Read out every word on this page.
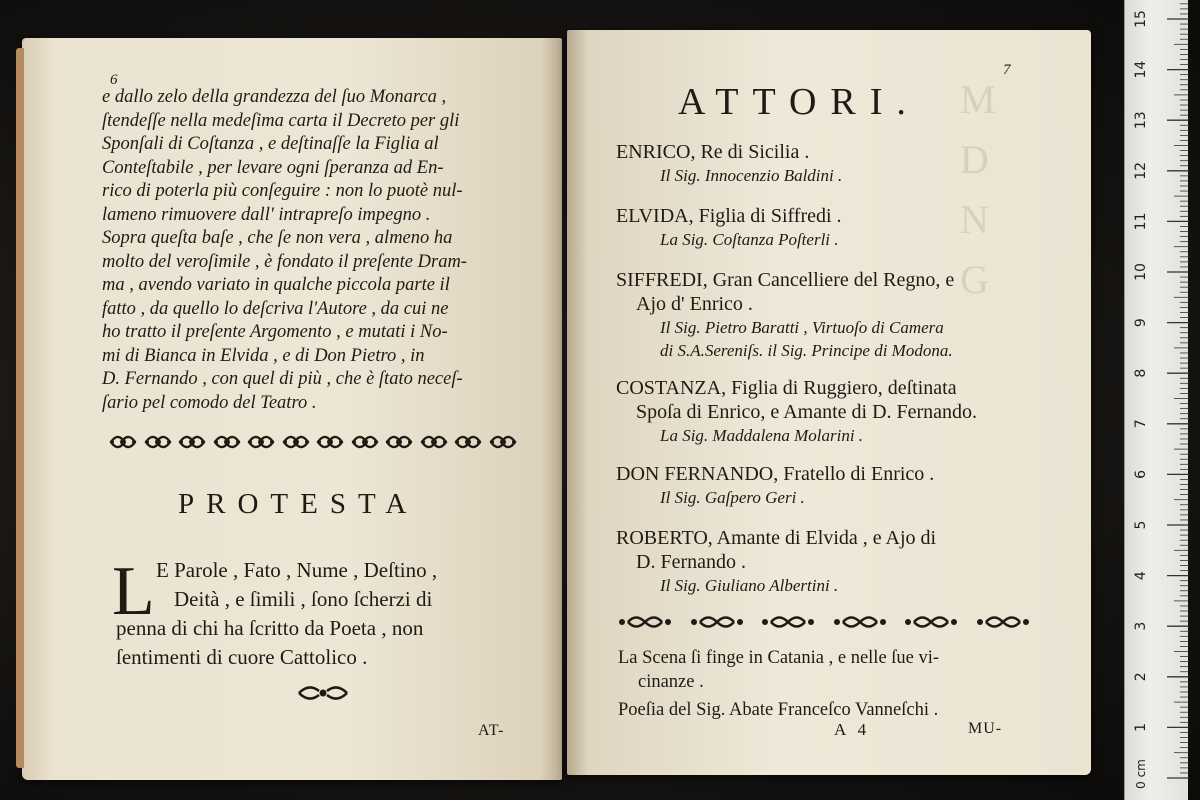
6
e dallo zelo della grandezza del ſuo Monarca ,
ſtendeſſe nella medeſima carta il Decreto per gli
Sponſali di Coſtanza , e deſtinaſſe la Figlia al
Conteſtabile , per levare ogni ſperanza ad En-
rico di poterla più conſeguire : non lo puotè nul-
lameno rimuovere dall' intrapreſo impegno .
Sopra queſta baſe , che ſe non vera , almeno ha
molto del veroſimile , è fondato il preſente Dram-
ma , avendo variato in qualche piccola parte il
fatto , da quello lo deſcriva l'Autore , da cui ne
ho tratto il preſente Argomento , e mutati i No-
mi di Bianca in Elvida , e di Don Pietro , in
D. Fernando , con quel di più , che è ſtato neceſ-
ſario pel comodo del Teatro .
PROTESTA
L E Parole , Fato , Nume , Deſtino ,
Deità , e ſimili , ſono ſcherzi di
penna di chi ha ſcritto da Poeta , non
ſentimenti di cuore Cattolico .
AT-
M
D
N
G
7
ATTORI.
ENRICO, Re di Sicilia .
Il Sig. Innocenzio Baldini .
ELVIDA, Figlia di Siffredi .
La Sig. Coſtanza Poſterli .
SIFFREDI, Gran Cancelliere del Regno, e
Ajo d' Enrico .
Il Sig. Pietro Baratti , Virtuoſo di Camera
di S.A.Sereniſs. il Sig. Principe di Modona.
COSTANZA, Figlia di Ruggiero, deſtinata
Spoſa di Enrico, e Amante di D. Fernando.
La Sig. Maddalena Molarini .
DON FERNANDO, Fratello di Enrico .
Il Sig. Gaſpero Geri .
ROBERTO, Amante di Elvida , e Ajo di
D. Fernando .
Il Sig. Giuliano Albertini .
La Scena ſi finge in Catania , e nelle ſue vi-
cinanze .
Poeſia del Sig. Abate Franceſco Vanneſchi .
A 4	MU-	1
2
3
4
5
6
7
8
9
10
11
12
13
14
15
0 cm
